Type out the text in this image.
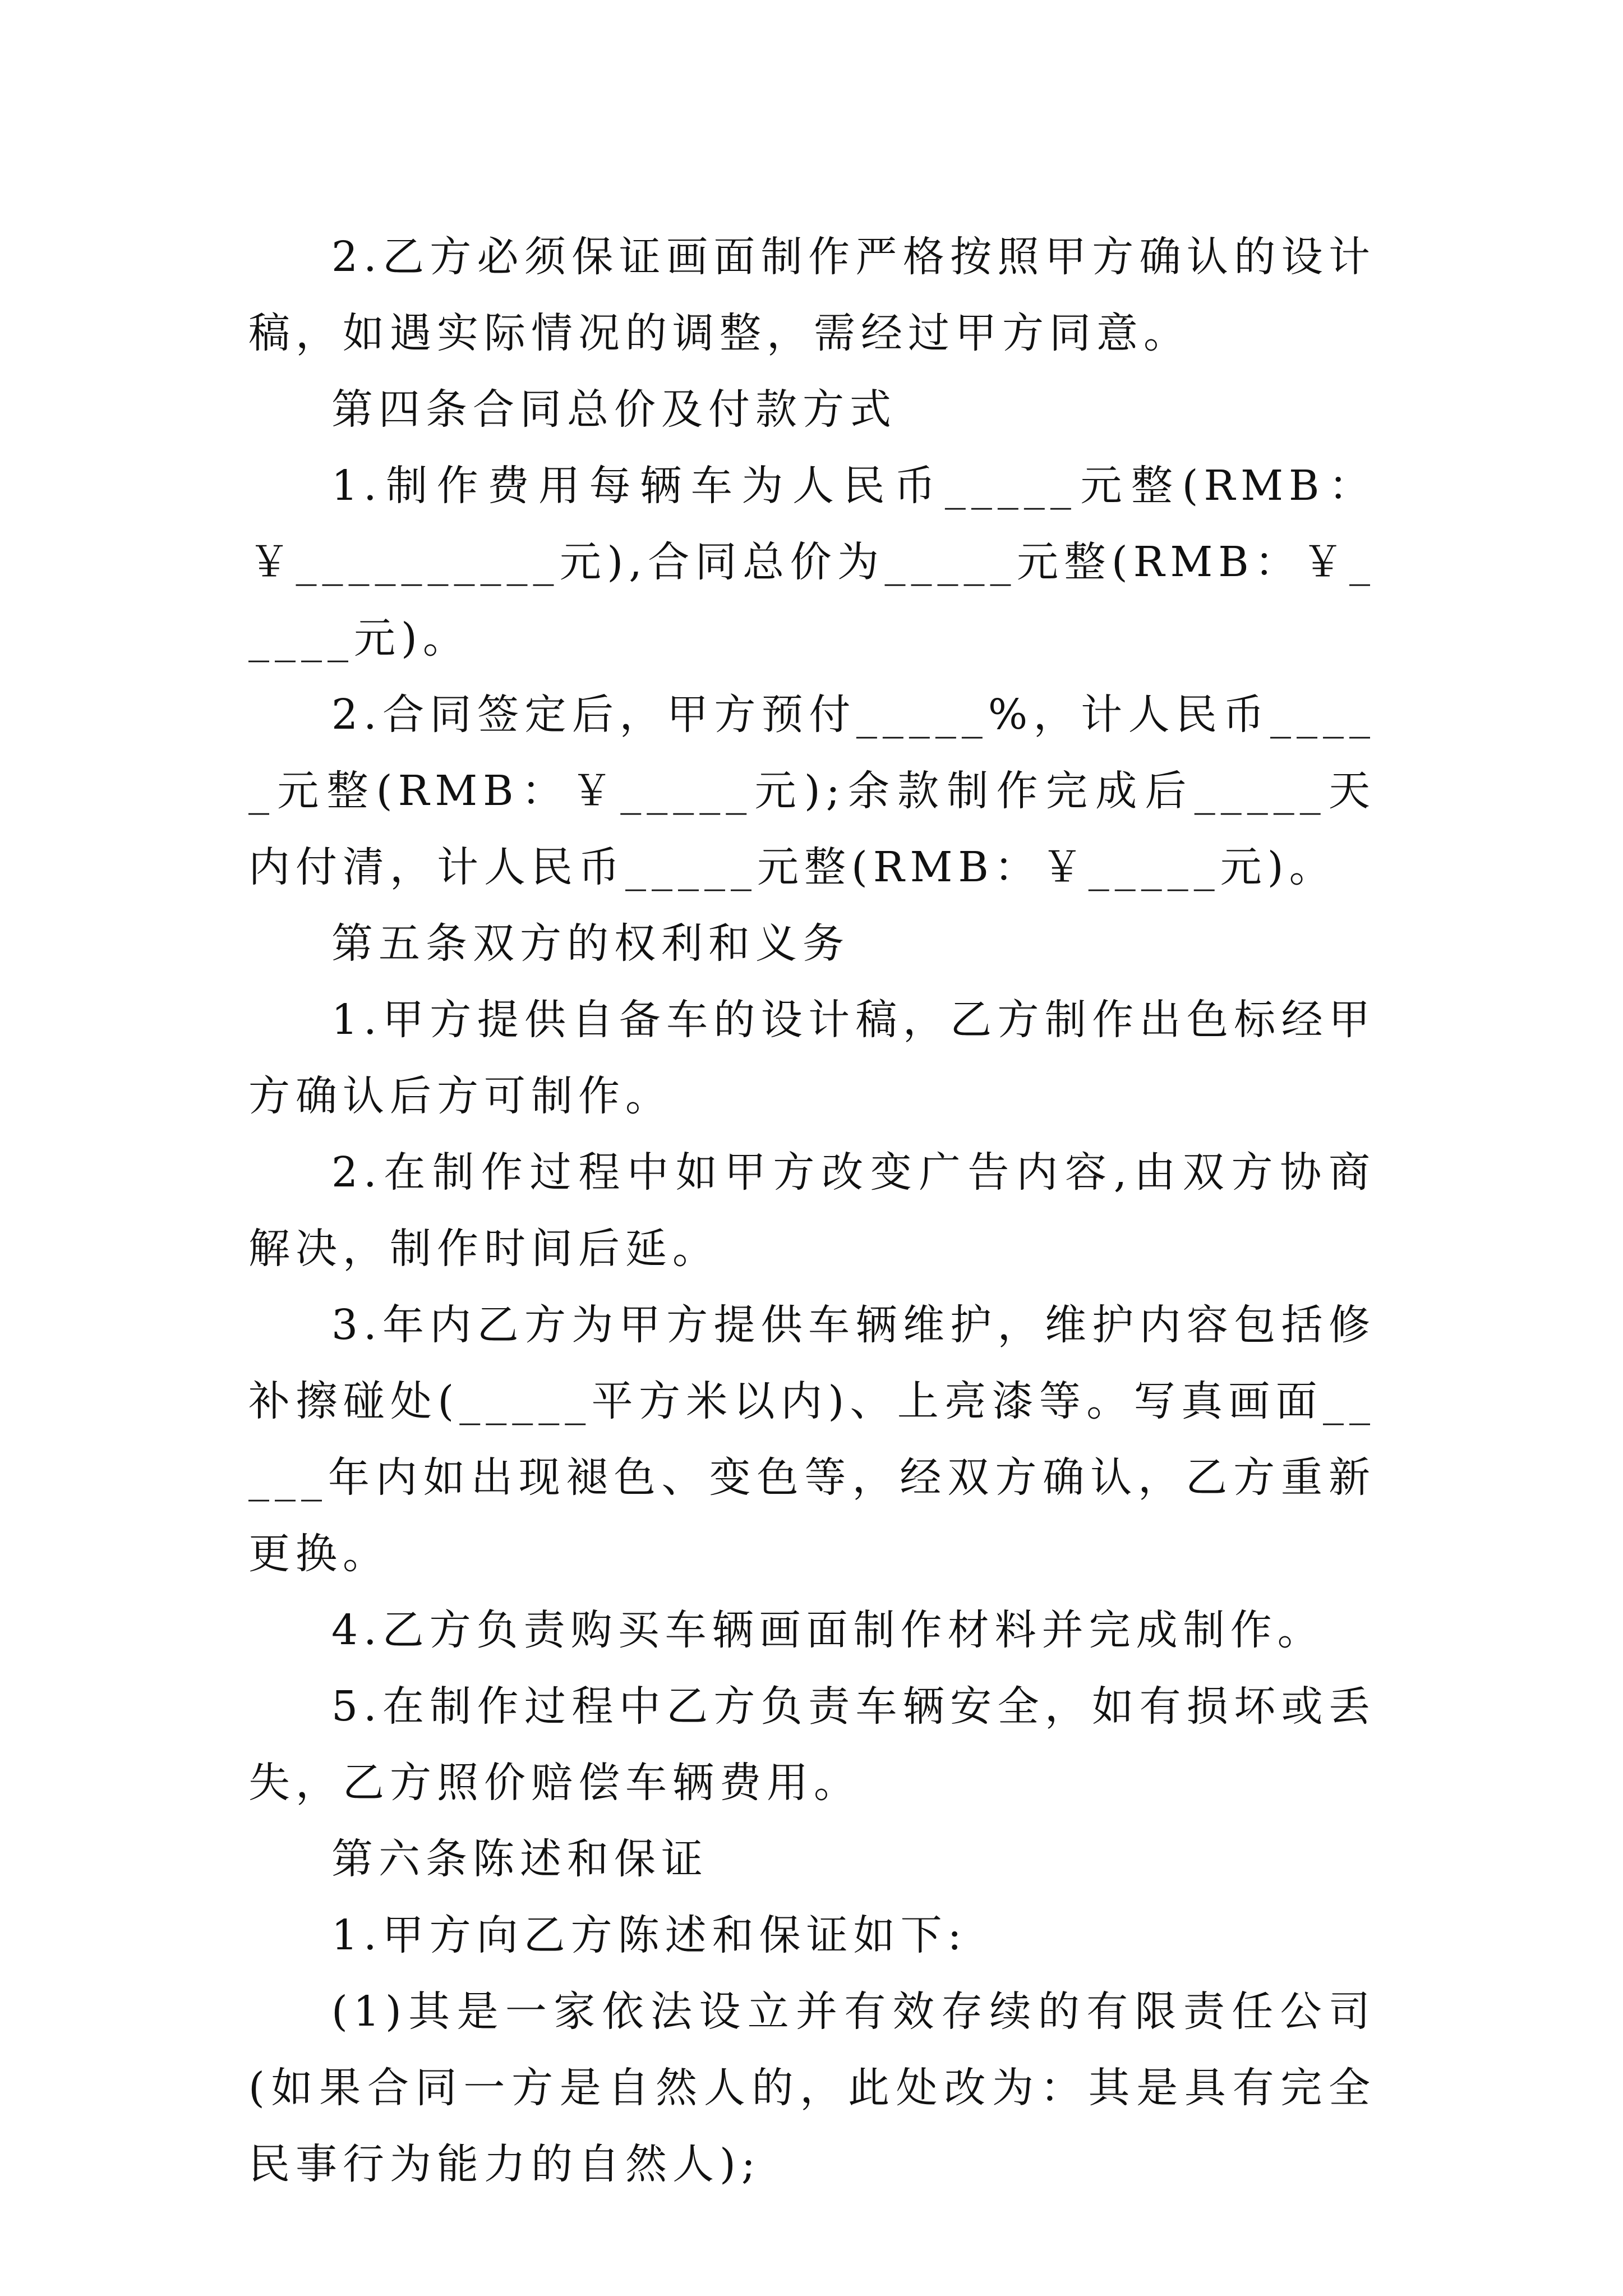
2.乙方必须保证画面制作严格按照甲方确认的设计稿，如遇实际情况的调整，需经过甲方同意。

第四条合同总价及付款方式

1.制作费用每辆车为人民币_____元整(RMB：￥__________元),合同总价为_____元整(RMB：￥_____元)。

2.合同签定后，甲方预付_____%，计人民币_____元整(RMB：￥_____元);余款制作完成后_____天内付清，计人民币_____元整(RMB：￥_____元)。

第五条双方的权利和义务

1.甲方提供自备车的设计稿，乙方制作出色标经甲方确认后方可制作。

2.在制作过程中如甲方改变广告内容,由双方协商解决，制作时间后延。

3.年内乙方为甲方提供车辆维护，维护内容包括修补擦碰处(_____平方米以内)、上亮漆等。写真画面_____年内如出现褪色、变色等，经双方确认，乙方重新更换。

4.乙方负责购买车辆画面制作材料并完成制作。

5.在制作过程中乙方负责车辆安全，如有损坏或丢失，乙方照价赔偿车辆费用。

第六条陈述和保证

1.甲方向乙方陈述和保证如下:

(1)其是一家依法设立并有效存续的有限责任公司(如果合同一方是自然人的，此处改为：其是具有完全民事行为能力的自然人);
